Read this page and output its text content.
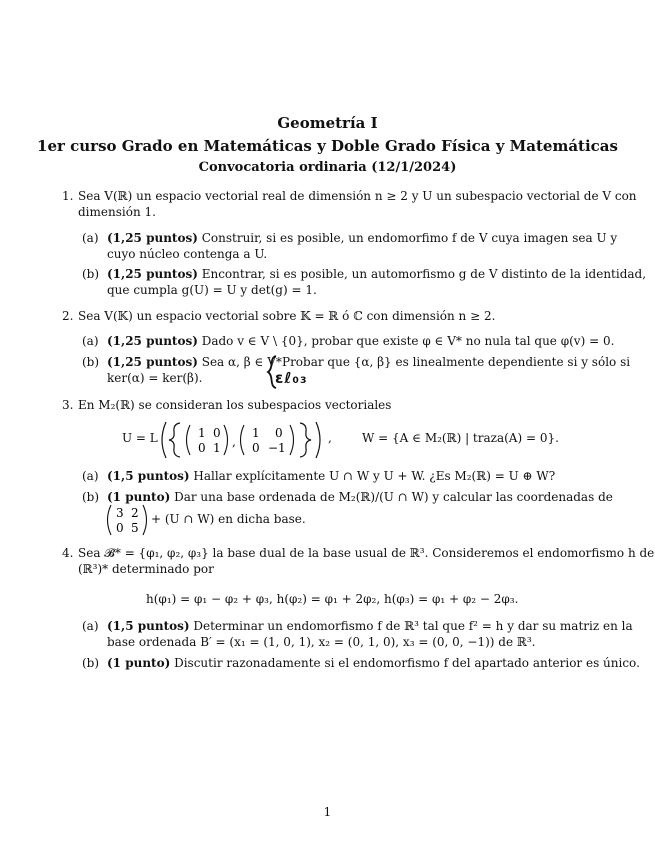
Geometría I
1er curso Grado en Matemáticas y Doble Grado Física y Matemáticas
Convocatoria ordinaria (12/1/2024)
1. Sea V(ℝ) un espacio vectorial real de dimensión n ≥ 2 y U un subespacio vectorial de V con
dimensión 1.
(a) (1,25 puntos) Construir, si es posible, un endomorfimo f de V cuya imagen sea U y
cuyo núcleo contenga a U.
(b) (1,25 puntos) Encontrar, si es posible, un automorfismo g de V distinto de la identidad,
que cumpla g(U) = U y det(g) = 1.
2. Sea V(𝕂) un espacio vectorial sobre 𝕂 = ℝ ó ℂ con dimensión n ≥ 2.
(a) (1,25 puntos) Dado v ∈ V \ {0}, probar que existe φ ∈ V* no nula tal que φ(v) = 0.
(b) (1,25 puntos) Sea α, β ∈ V* Probar que {α, β} es linealmente dependiente si y sólo si
ker(α) = ker(β).	εℓ₀₃
3. En M₂(ℝ) se consideran los subespacios vectoriales
U = L	1 0
0 1 ,
1 0
0 −1
,	W = {A ∈ M₂(ℝ) | traza(A) = 0}.
(a) (1,5 puntos) Hallar explícitamente U ∩ W y U + W. ¿Es M₂(ℝ) = U ⊕ W?
(b) (1 punto) Dar una base ordenada de M₂(ℝ)/(U ∩ W) y calcular las coordenadas de
3 2
0 5
+ (U ∩ W) en dicha base.
4. Sea 𝓑* = {φ₁, φ₂, φ₃} la base dual de la base usual de ℝ³. Consideremos el endomorfismo h de
(ℝ³)* determinado por
h(φ₁) = φ₁ − φ₂ + φ₃, h(φ₂) = φ₁ + 2φ₂, h(φ₃) = φ₁ + φ₂ − 2φ₃.
(a) (1,5 puntos) Determinar un endomorfismo f de ℝ³ tal que f² = h y dar su matriz en la
base ordenada B′ = (x₁ = (1, 0, 1), x₂ = (0, 1, 0), x₃ = (0, 0, −1)) de ℝ³.
(b) (1 punto) Discutir razonadamente si el endomorfismo f del apartado anterior es único.
1
